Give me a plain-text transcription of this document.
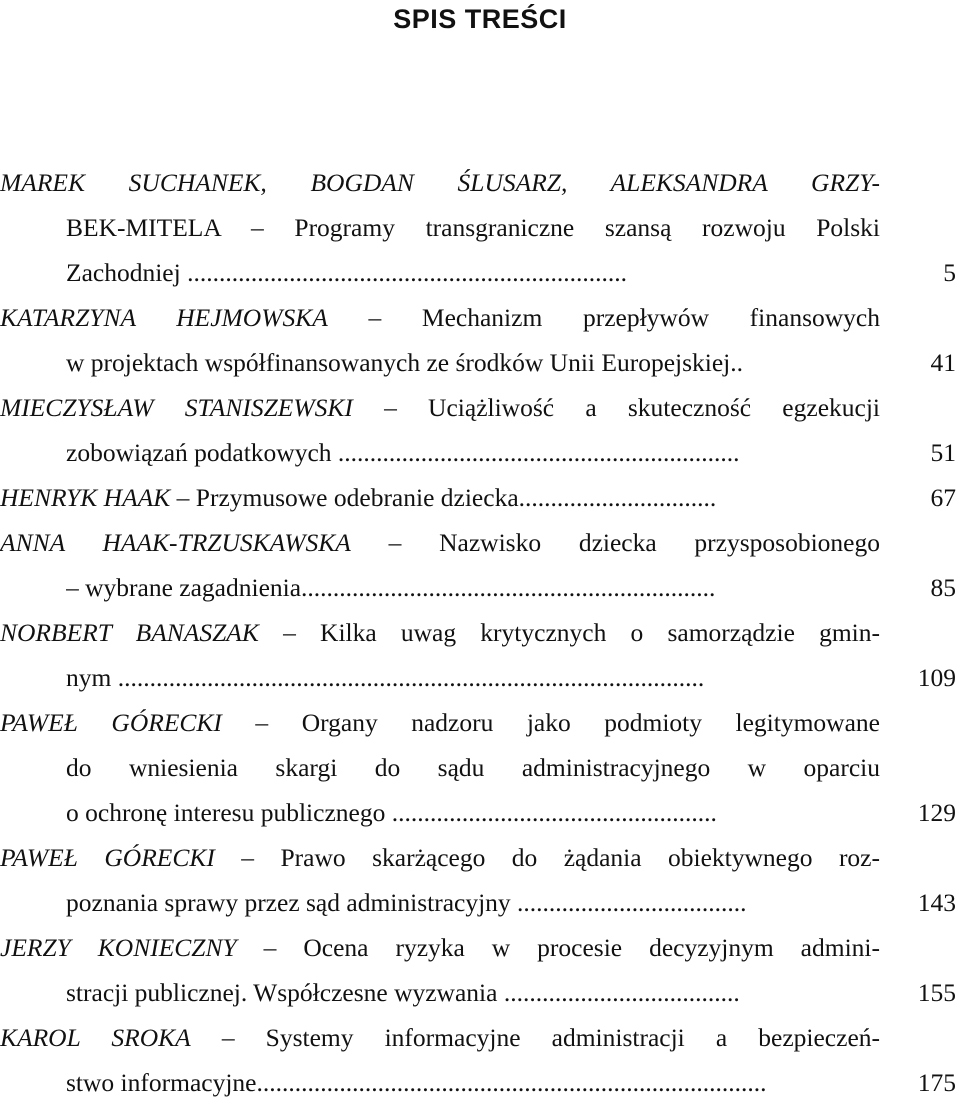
SPIS TREŚCI
MAREK SUCHANEK, BOGDAN ŚLUSARZ, ALEKSANDRA GRZY-
BEK-MITELA – Programy transgraniczne szansą rozwoju Polski
Zachodniej .....................................................................	5
KATARZYNA HEJMOWSKA – Mechanizm przepływów finansowych
w projektach współfinansowanych ze środków Unii Europejskiej..	41
MIECZYSŁAW STANISZEWSKI – Uciążliwość a skuteczność egzekucji
zobowiązań podatkowych ...............................................................	51
HENRYK HAAK – Przymusowe odebranie dziecka...............................	67
ANNA HAAK-TRZUSKAWSKA – Nazwisko dziecka przysposobionego
– wybrane zagadnienia.................................................................	85
NORBERT BANASZAK – Kilka uwag krytycznych o samorządzie gmin-
nym ............................................................................................	109
PAWEŁ GÓRECKI – Organy nadzoru jako podmioty legitymowane
do wniesienia skargi do sądu administracyjnego w oparciu
o ochronę interesu publicznego ...................................................	129
PAWEŁ GÓRECKI – Prawo skarżącego do żądania obiektywnego roz-
poznania sprawy przez sąd administracyjny ....................................	143
JERZY KONIECZNY – Ocena ryzyka w procesie decyzyjnym admini-
stracji publicznej. Współczesne wyzwania .....................................	155
KAROL SROKA – Systemy informacyjne administracji a bezpieczeń-
stwo informacyjne................................................................................	175
